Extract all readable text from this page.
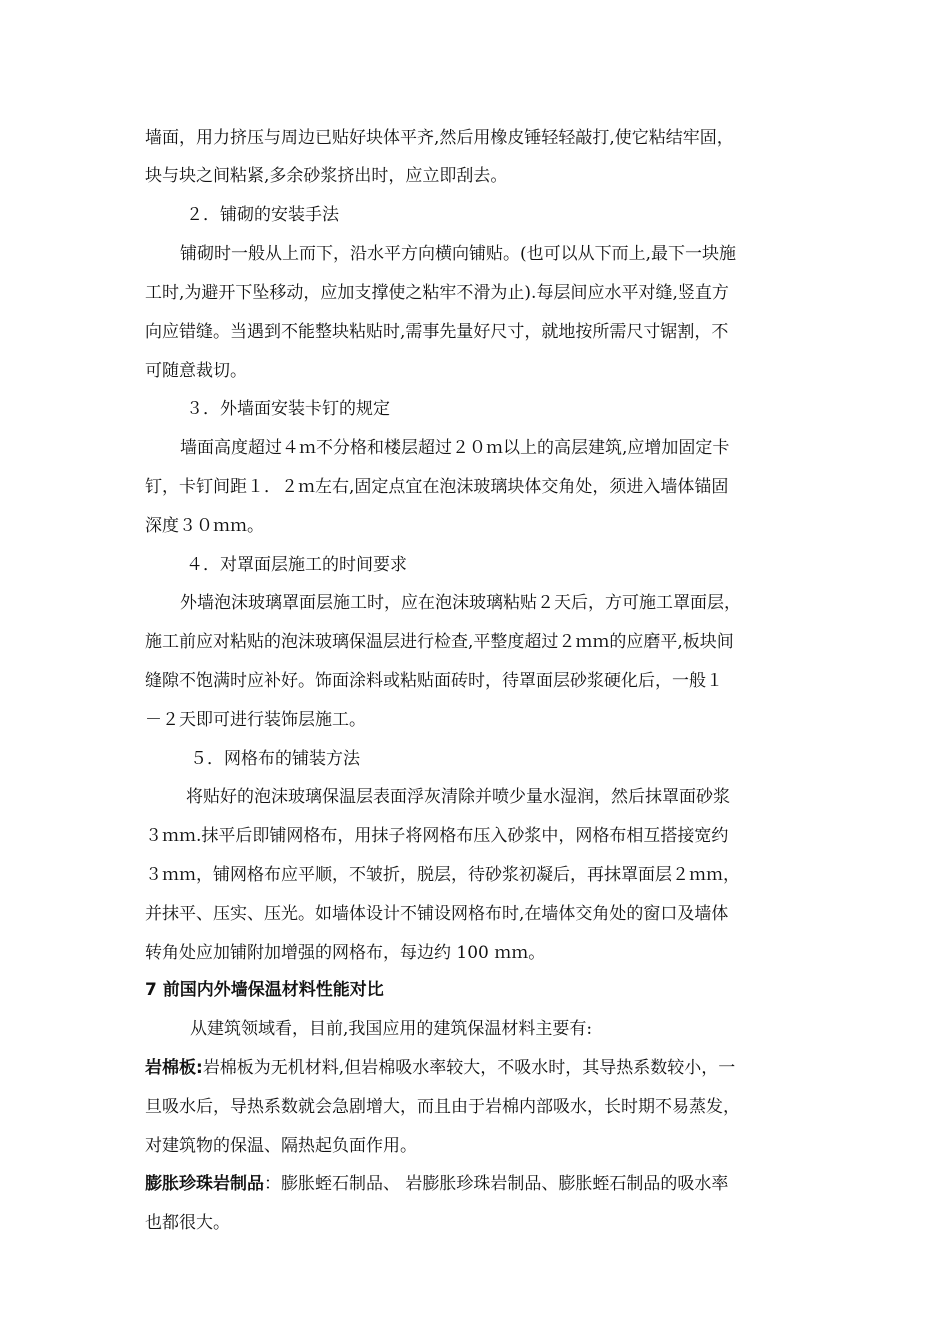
墙面，用力挤压与周边已贴好块体平齐,然后用橡皮锤轻轻敲打,使它粘结牢固，
块与块之间粘紧,多余砂浆挤出时，应立即刮去。
２．铺砌的安装手法
铺砌时一般从上而下，沿水平方向横向铺贴。(也可以从下而上,最下一块施
工时,为避开下坠移动，应加支撑使之粘牢不滑为止).每层间应水平对缝,竖直方
向应错缝。当遇到不能整块粘贴时,需事先量好尺寸，就地按所需尺寸锯割，不
可随意裁切。
３．外墙面安装卡钉的规定
墙面高度超过４ｍ不分格和楼层超过２０ｍ以上的高层建筑,应增加固定卡
钉，卡钉间距１．２ｍ左右,固定点宜在泡沫玻璃块体交角处，须进入墙体锚固
深度３０ｍｍ。
４．对罩面层施工的时间要求
外墙泡沫玻璃罩面层施工时，应在泡沫玻璃粘贴２天后，方可施工罩面层，
施工前应对粘贴的泡沫玻璃保温层进行检查,平整度超过２ｍｍ的应磨平,板块间
缝隙不饱满时应补好。饰面涂料或粘贴面砖时，待罩面层砂浆硬化后，一般１
－２天即可进行装饰层施工。
５．网格布的铺装方法
将贴好的泡沫玻璃保温层表面浮灰清除并喷少量水湿润，然后抹罩面砂浆
３ｍｍ.抹平后即铺网格布，用抹子将网格布压入砂浆中，网格布相互搭接宽约
３ｍｍ，铺网格布应平顺，不皱折，脱层，待砂浆初凝后，再抹罩面层２ｍｍ，
并抹平、压实、压光。如墙体设计不铺设网格布时,在墙体交角处的窗口及墙体
转角处应加铺附加增强的网格布，每边约 100 ｍｍ。
7 前国内外墙保温材料性能对比
从建筑领域看，目前,我国应用的建筑保温材料主要有:
岩棉板:岩棉板为无机材料,但岩棉吸水率较大，不吸水时，其导热系数较小，一
旦吸水后，导热系数就会急剧增大，而且由于岩棉内部吸水，长时期不易蒸发，
对建筑物的保温、隔热起负面作用。
膨胀珍珠岩制品：膨胀蛭石制品、 岩膨胀珍珠岩制品、膨胀蛭石制品的吸水率
也都很大。
